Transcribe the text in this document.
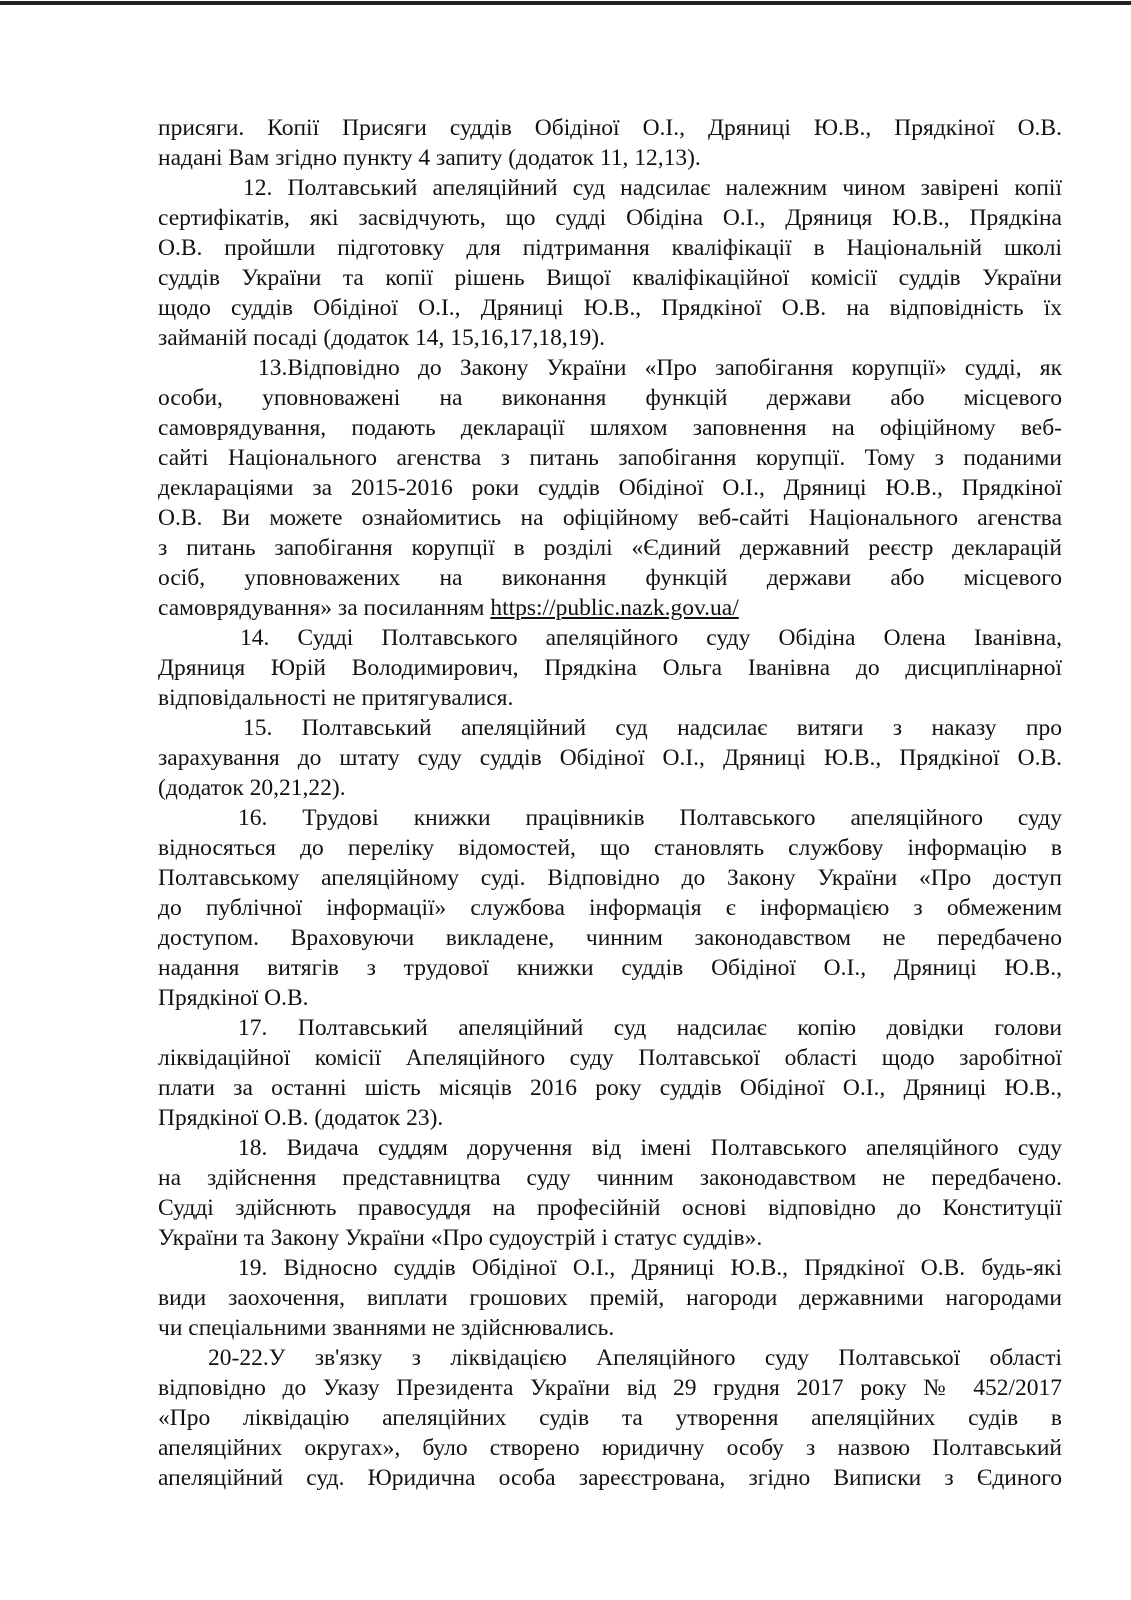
присяги. Копії Присяги суддів Обідіної О.І., Дряниці Ю.В., Прядкіної О.В.
надані Вам згідно пункту 4 запиту (додаток 11, 12,13).
12. Полтавський апеляційний суд надсилає належним чином завірені копії
сертифікатів, які засвідчують, що судді Обідіна О.І., Дряниця Ю.В., Прядкіна
О.В. пройшли підготовку для підтримання кваліфікації в Національній школі
суддів України та копії рішень Вищої кваліфікаційної комісії суддів України
щодо суддів Обідіної О.І., Дряниці Ю.В., Прядкіної О.В. на відповідність їх
займаній посаді (додаток 14, 15,16,17,18,19).
13.Відповідно до Закону України «Про запобігання корупції» судді, як
особи, уповноважені на виконання функцій держави або місцевого
самоврядування, подають декларації шляхом заповнення на офіційному веб-
сайті Національного агенства з питань запобігання корупції. Тому з поданими
деклараціями за 2015-2016 роки суддів Обідіної О.І., Дряниці Ю.В., Прядкіної
О.В. Ви можете ознайомитись на офіційному веб-сайті Національного агенства
з питань запобігання корупції в розділі «Єдиний державний реєстр декларацій
осіб, уповноважених на виконання функцій держави або місцевого
самоврядування» за посиланням https://public.nazk.gov.ua/
14. Судді Полтавського апеляційного суду Обідіна Олена Іванівна,
Дряниця Юрій Володимирович, Прядкіна Ольга Іванівна до дисциплінарної
відповідальності не притягувалися.
15. Полтавський апеляційний суд надсилає витяги з наказу про
зарахування до штату суду суддів Обідіної О.І., Дряниці Ю.В., Прядкіної О.В.
(додаток 20,21,22).
16. Трудові книжки працівників Полтавського апеляційного суду
відносяться до переліку відомостей, що становлять службову інформацію в
Полтавському апеляційному суді. Відповідно до Закону України «Про доступ
до публічної інформації» службова інформація є інформацією з обмеженим
доступом. Враховуючи викладене, чинним законодавством не передбачено
надання витягів з трудової книжки суддів Обідіної О.І., Дряниці Ю.В.,
Прядкіної О.В.
17. Полтавський апеляційний суд надсилає копію довідки голови
ліквідаційної комісії Апеляційного суду Полтавської області щодо заробітної
плати за останні шість місяців 2016 року суддів Обідіної О.І., Дряниці Ю.В.,
Прядкіної О.В. (додаток 23).
18. Видача суддям доручення від імені Полтавського апеляційного суду
на здійснення представництва суду чинним законодавством не передбачено.
Судді здійснють правосуддя на професійній основі відповідно до Конституції
України та Закону України «Про судоустрій і статус суддів».
19. Відносно суддів Обідіної О.І., Дряниці Ю.В., Прядкіної О.В. будь-які
види заохочення, виплати грошових премій, нагороди державними нагородами
чи спеціальними званнями не здійснювались.
20-22.У зв'язку з ліквідацією Апеляційного суду Полтавської області
відповідно до Указу Президента України від 29 грудня 2017 року № 452/2017
«Про ліквідацію апеляційних судів та утворення апеляційних судів в
апеляційних округах», було створено юридичну особу з назвою Полтавський
апеляційний суд. Юридична особа зареєстрована, згідно Виписки з Єдиного
